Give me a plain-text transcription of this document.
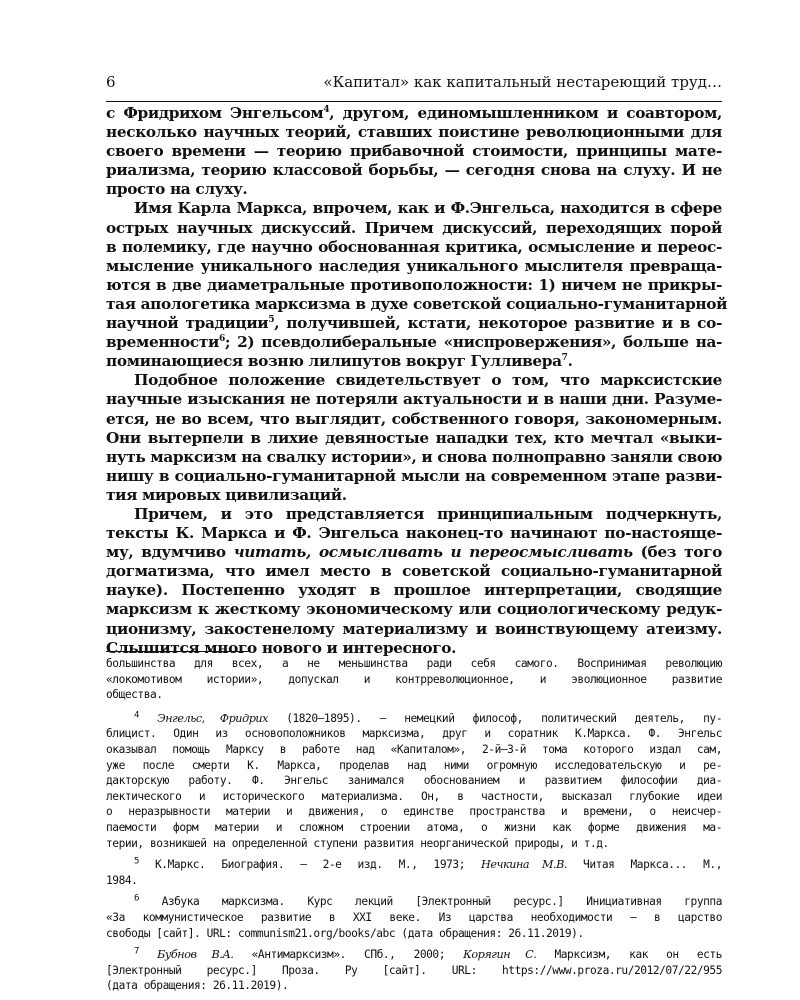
6	«Капитал» как капитальный нестареющий труд…

с Фридрихом Энгельсом$^4$, другом, единомышленником и соавтором,
несколько научных теорий, ставших поистине революционными для
своего времени — теорию прибавочной стоимости, принципы мате-
риализма, теорию классовой борьбы, — сегодня снова на слуху. И не
просто на слуху.

Имя Карла Маркса, впрочем, как и Ф.Энгельса, находится в сфере
острых научных дискуссий. Причем дискуссий, переходящих порой
в полемику, где научно обоснованная критика, осмысление и переос-
мысление уникального наследия уникального мыслителя превраща-
ются в две диаметральные противоположности: 1) ничем не прикры-
тая апологетика марксизма в духе советской социально-гуманитарной
научной традиции$^5$, получившей, кстати, некоторое развитие и в со-
временности$^6$; 2) псевдолиберальные «ниспровержения», больше на-
поминающиеся возню лилипутов вокруг Гулливера$^7$.

Подобное положение свидетельствует о том, что марксистские
научные изыскания не потеряли актуальности и в наши дни. Разуме-
ется, не во всем, что выглядит, собственного говоря, закономерным.
Они вытерпели в лихие девяностые нападки тех, кто мечтал «выки-
нуть марксизм на свалку истории», и снова полноправно заняли свою
нишу в социально-гуманитарной мысли на современном этапе разви-
тия мировых цивилизаций.

Причем, и это представляется принципиальным подчеркнуть,
тексты К. Маркса и Ф. Энгельса наконец-то начинают по-настояще-
му, вдумчиво читать, осмысливать и переосмысливать (без того
догматизма, что имел место в советской социально-гуманитарной
науке). Постепенно уходят в прошлое интерпретации, сводящие
марксизм к жесткому экономическому или социологическому редук-
ционизму, закостенелому материализму и воинствующему атеизму.
Слышится много нового и интересного.

большинства для всех, а не меньшинства ради себя самого. Воспринимая революцию
«локомотивом истории», допускал и контрреволюционное, и эволюционное развитие
общества.
$^4$ Энгельс, Фридрих (1820–1895). — немецкий философ, политический деятель, пу-
блицист. Один из основоположников марксизма, друг и соратник К.Маркса. Ф. Энгельс
оказывал помощь Марксу в работе над «Капиталом», 2-й–3-й тома которого издал сам,
уже после смерти К. Маркса, проделав над ними огромную исследовательскую и ре-
дакторскую работу. Ф. Энгельс занимался обоснованием и развитием философии диа-
лектического и исторического материализма. Он, в частности, высказал глубокие идеи
о неразрывности материи и движения, о единстве пространства и времени, о неисчер-
паемости форм материи и сложном строении атома, о жизни как форме движения ма-
терии, возникшей на определенной ступени развития неорганической природы, и т.д.
$^5$ К.Маркс. Биография. — 2-е изд. М., 1973; Нечкина М.В. Читая Маркса... М.,
1984.
$^6$ Азбука марксизма. Курс лекций [Электронный ресурс.] Инициативная группа
«За коммунистическое развитие в XXI веке. Из царства необходимости — в царство
свободы [сайт]. URL: communism21.org/books/abc (дата обращения: 26.11.2019).
$^7$ Бубнов В.А. «Антимарксизм». СПб., 2000; Корягин С. Марксизм, как он есть
[Электронный ресурс.] Проза. Ру [сайт]. URL: https://www.proza.ru/2012/07/22/955
(дата обращения: 26.11.2019).
